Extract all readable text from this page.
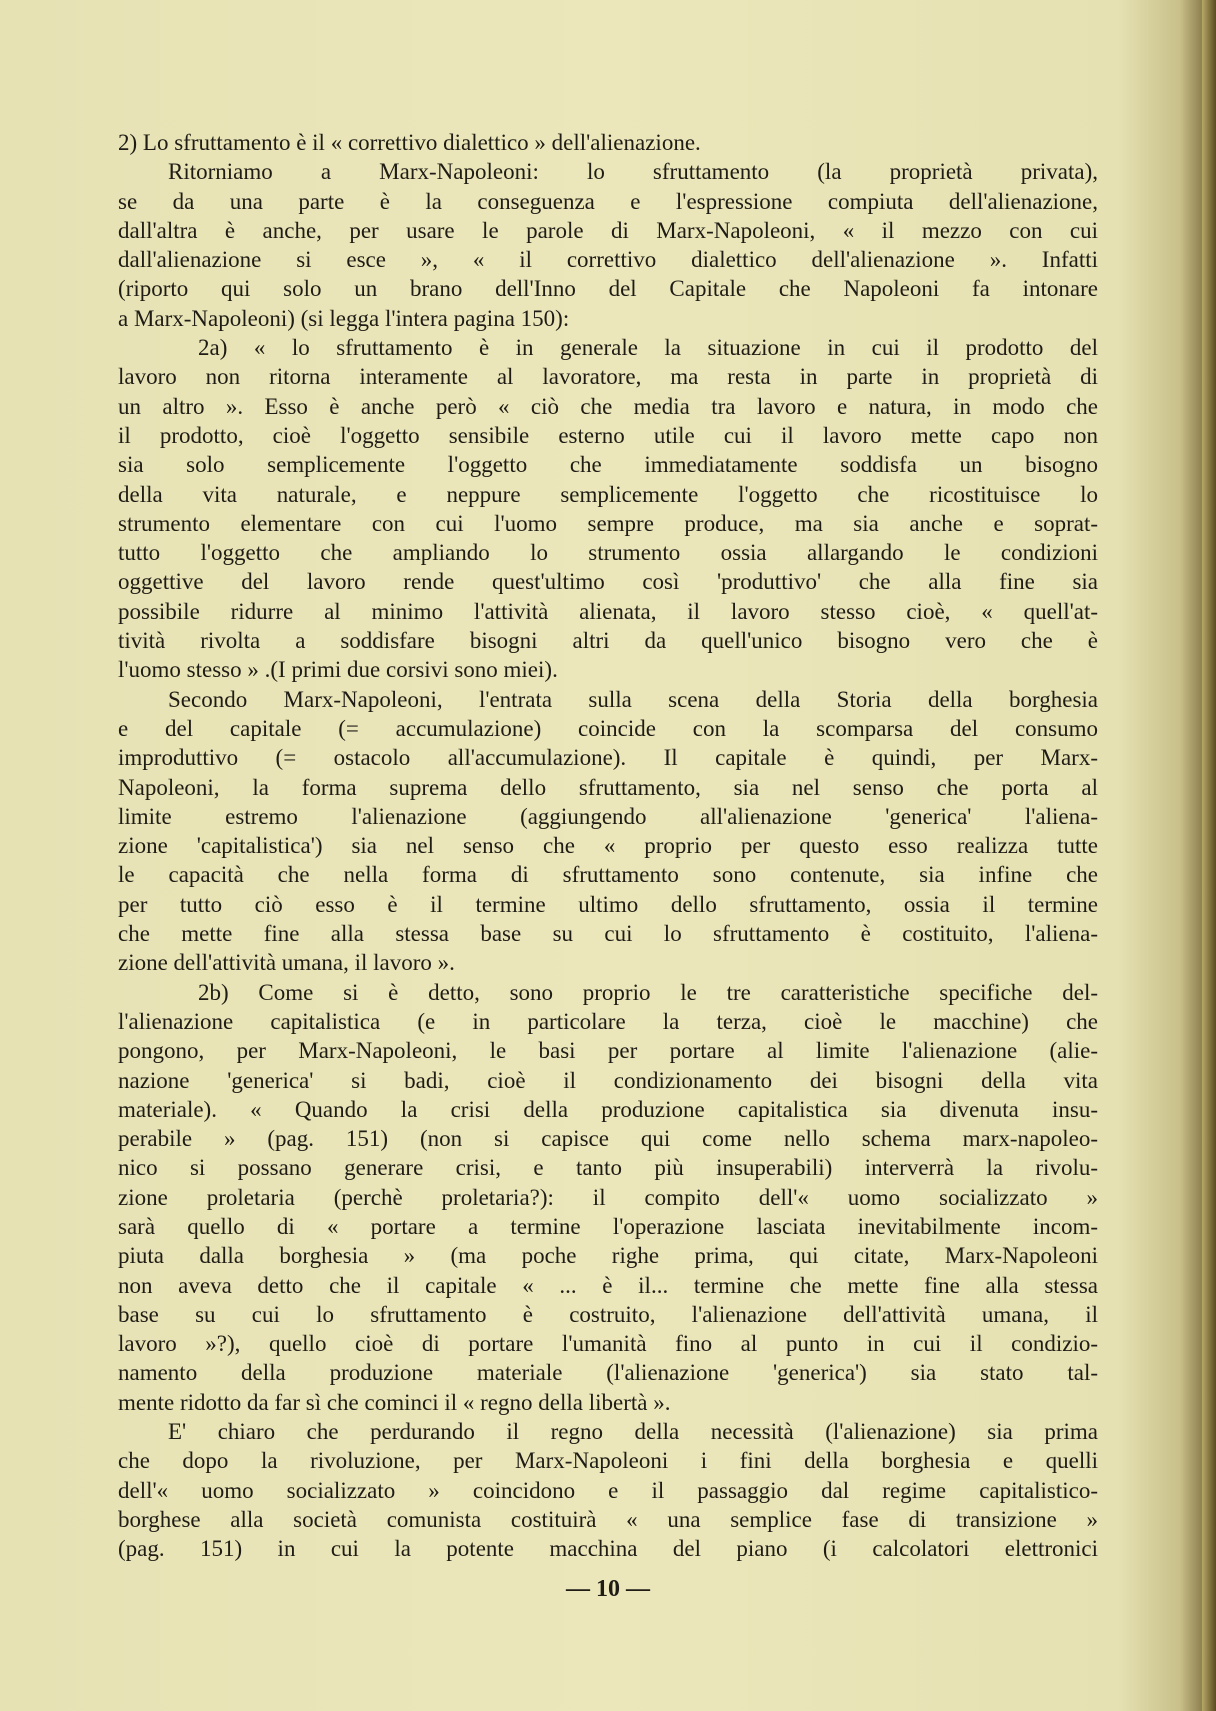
2) Lo sfruttamento è il « correttivo dialettico » dell'alienazione.
Ritorniamo a Marx-Napoleoni: lo sfruttamento (la proprietà privata),
se da una parte è la conseguenza e l'espressione compiuta dell'alienazione,
dall'altra è anche, per usare le parole di Marx-Napoleoni, « il mezzo con cui
dall'alienazione si esce », « il correttivo dialettico dell'alienazione ». Infatti
(riporto qui solo un brano dell'Inno del Capitale che Napoleoni fa intonare
a Marx-Napoleoni) (si legga l'intera pagina 150):
2a) « lo sfruttamento è in generale la situazione in cui il prodotto del
lavoro non ritorna interamente al lavoratore, ma resta in parte in proprietà di
un altro ». Esso è anche però « ciò che media tra lavoro e natura, in modo che
il prodotto, cioè l'oggetto sensibile esterno utile cui il lavoro mette capo non
sia solo semplicemente l'oggetto che immediatamente soddisfa un bisogno
della vita naturale, e neppure semplicemente l'oggetto che ricostituisce lo
strumento elementare con cui l'uomo sempre produce, ma sia anche e soprat-
tutto l'oggetto che ampliando lo strumento ossia allargando le condizioni
oggettive del lavoro rende quest'ultimo così 'produttivo' che alla fine sia
possibile ridurre al minimo l'attività alienata, il lavoro stesso cioè, « quell'at-
tività rivolta a soddisfare bisogni altri da quell'unico bisogno vero che è
l'uomo stesso » .(I primi due corsivi sono miei).
Secondo Marx-Napoleoni, l'entrata sulla scena della Storia della borghesia
e del capitale (= accumulazione) coincide con la scomparsa del consumo
improduttivo (= ostacolo all'accumulazione). Il capitale è quindi, per Marx-
Napoleoni, la forma suprema dello sfruttamento, sia nel senso che porta al
limite estremo l'alienazione (aggiungendo all'alienazione 'generica' l'aliena-
zione 'capitalistica') sia nel senso che « proprio per questo esso realizza tutte
le capacità che nella forma di sfruttamento sono contenute, sia infine che
per tutto ciò esso è il termine ultimo dello sfruttamento, ossia il termine
che mette fine alla stessa base su cui lo sfruttamento è costituito, l'aliena-
zione dell'attività umana, il lavoro ».
2b) Come si è detto, sono proprio le tre caratteristiche specifiche del-
l'alienazione capitalistica (e in particolare la terza, cioè le macchine) che
pongono, per Marx-Napoleoni, le basi per portare al limite l'alienazione (alie-
nazione 'generica' si badi, cioè il condizionamento dei bisogni della vita
materiale). « Quando la crisi della produzione capitalistica sia divenuta insu-
perabile » (pag. 151) (non si capisce qui come nello schema marx-napoleo-
nico si possano generare crisi, e tanto più insuperabili) interverrà la rivolu-
zione proletaria (perchè proletaria?): il compito dell'« uomo socializzato »
sarà quello di « portare a termine l'operazione lasciata inevitabilmente incom-
piuta dalla borghesia » (ma poche righe prima, qui citate, Marx-Napoleoni
non aveva detto che il capitale « ... è il... termine che mette fine alla stessa
base su cui lo sfruttamento è costruito, l'alienazione dell'attività umana, il
lavoro »?), quello cioè di portare l'umanità fino al punto in cui il condizio-
namento della produzione materiale (l'alienazione 'generica') sia stato tal-
mente ridotto da far sì che cominci il « regno della libertà ».
E' chiaro che perdurando il regno della necessità (l'alienazione) sia prima
che dopo la rivoluzione, per Marx-Napoleoni i fini della borghesia e quelli
dell'« uomo socializzato » coincidono e il passaggio dal regime capitalistico-
borghese alla società comunista costituirà « una semplice fase di transizione »
(pag. 151) in cui la potente macchina del piano (i calcolatori elettronici
— 10 —
